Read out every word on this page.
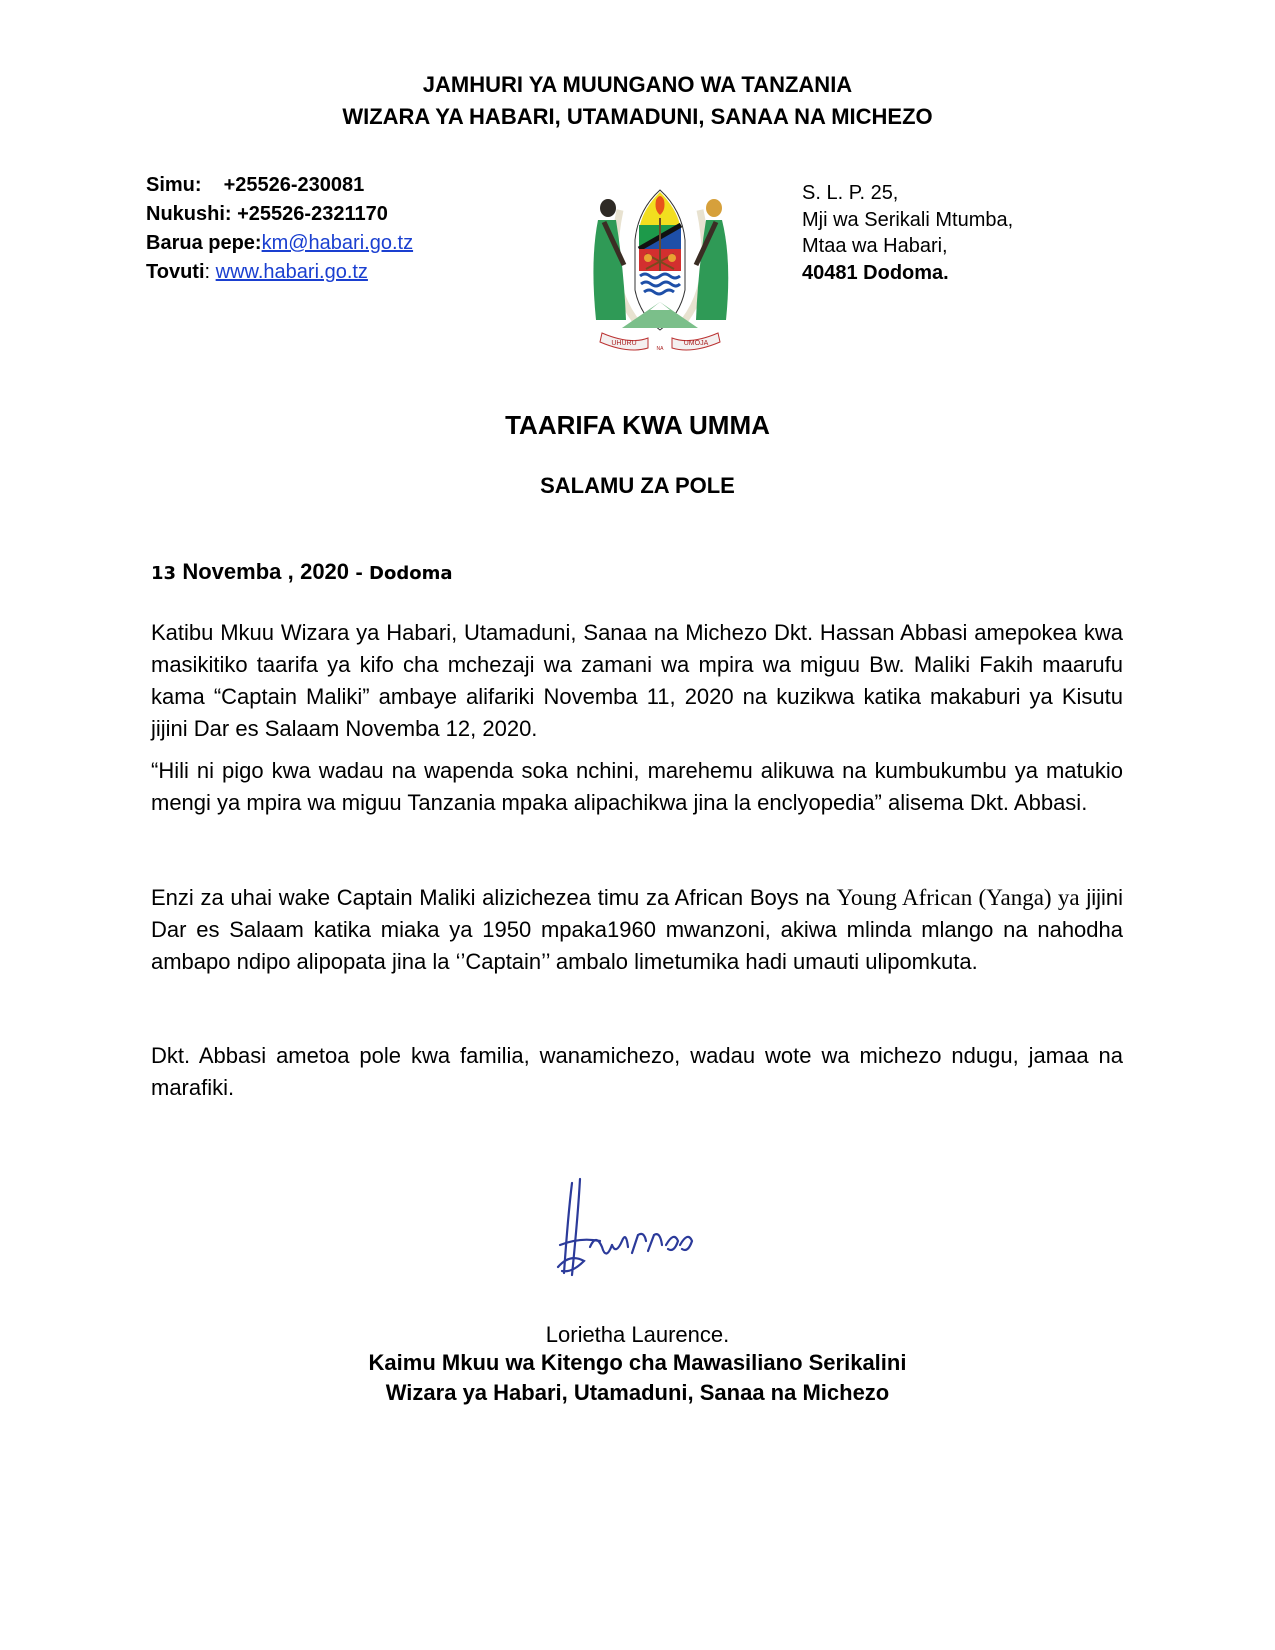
JAMHURI YA MUUNGANO WA TANZANIA
WIZARA YA HABARI, UTAMADUNI, SANAA NA MICHEZO
Simu: +25526-230081
Nukushi: +25526-2321170
Barua pepe:km@habari.go.tz
Tovuti: www.habari.go.tz
UHURU
NA
UMOJA
S. L. P. 25,
Mji wa Serikali Mtumba,
Mtaa wa Habari,
40481 Dodoma.
TAARIFA KWA UMMA
SALAMU ZA POLE
13 Novemba , 2020 - Dodoma
Katibu Mkuu Wizara ya Habari, Utamaduni, Sanaa na Michezo Dkt. Hassan Abbasi amepokea kwa masikitiko taarifa ya kifo cha mchezaji wa zamani wa mpira wa miguu Bw. Maliki Fakih maarufu kama “Captain Maliki” ambaye alifariki Novemba 11, 2020 na kuzikwa katika makaburi ya Kisutu jijini Dar es Salaam Novemba 12, 2020.
“Hili ni pigo kwa wadau na wapenda soka nchini, marehemu alikuwa na kumbukumbu ya matukio mengi ya mpira wa miguu Tanzania mpaka alipachikwa jina la enclyopedia” alisema Dkt. Abbasi.
Enzi za uhai wake Captain Maliki alizichezea timu za African Boys na Young African (Yanga) ya jijini Dar es Salaam katika miaka ya 1950 mpaka1960 mwanzoni, akiwa mlinda mlango na nahodha ambapo ndipo alipopata jina la ‘’Captain’’ ambalo limetumika hadi umauti ulipomkuta.
Dkt. Abbasi ametoa pole kwa familia, wanamichezo, wadau wote wa michezo ndugu, jamaa na marafiki.
Lorietha Laurence.
Kaimu Mkuu wa Kitengo cha Mawasiliano Serikalini
Wizara ya Habari, Utamaduni, Sanaa na Michezo
